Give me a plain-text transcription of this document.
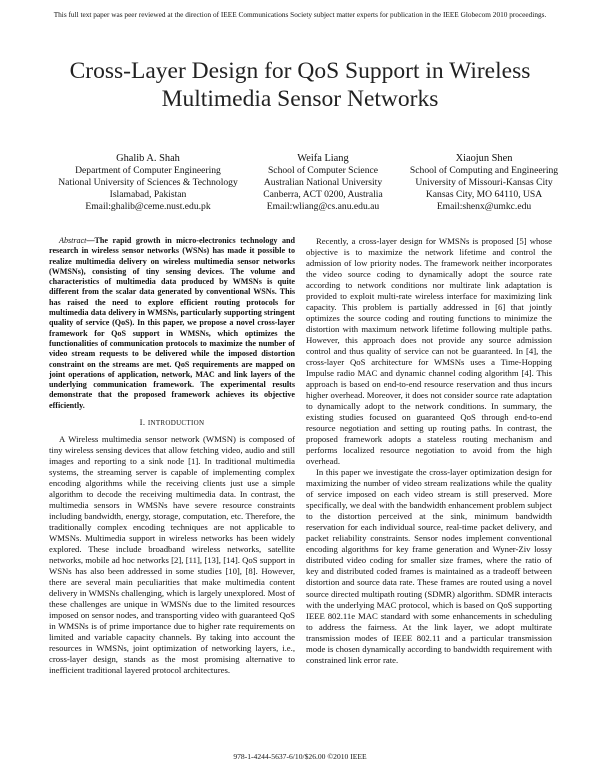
This full text paper was peer reviewed at the direction of IEEE Communications Society subject matter experts for publication in the IEEE Globecom 2010 proceedings.
Cross-Layer Design for QoS Support in Wireless
Multimedia Sensor Networks
Ghalib A. Shah
Department of Computer Engineering
National University of Sciences & Technology
Islamabad, Pakistan
Email:ghalib@ceme.nust.edu.pk
Weifa Liang
School of Computer Science
Australian National University
Canberra, ACT 0200, Australia
Email:wliang@cs.anu.edu.au
Xiaojun Shen
School of Computing and Engineering
University of Missouri-Kansas City
Kansas City, MO 64110, USA
Email:shenx@umkc.edu

Abstract—The rapid growth in micro-electronics technology and research in wireless sensor networks (WSNs) has made it possible to realize multimedia delivery on wireless multimedia sensor networks (WMSNs), consisting of tiny sensing devices. The volume and characteristics of multimedia data produced by WMSNs is quite different from the scalar data generated by conventional WSNs. This has raised the need to explore efficient routing protocols for multimedia data delivery in WMSNs, particularly supporting stringent quality of service (QoS). In this paper, we propose a novel cross-layer framework for QoS support in WMSNs, which optimizes the functionalities of communication protocols to maximize the number of video stream requests to be delivered while the imposed distortion constraint on the streams are met. QoS requirements are mapped on joint operations of application, network, MAC and link layers of the underlying communication framework. The experimental results demonstrate that the proposed framework achieves its objective efficiently.

I. INTRODUCTION

A Wireless multimedia sensor network (WMSN) is composed of tiny wireless sensing devices that allow fetching video, audio and still images and reporting to a sink node [1]. In traditional multimedia systems, the streaming server is capable of implementing complex encoding algorithms while the receiving clients just use a simple algorithm to decode the receiving multimedia data. In contrast, the multimedia sensors in WMSNs have severe resource constraints including bandwidth, energy, storage, computation, etc. Therefore, the traditionally complex encoding techniques are not applicable to WMSNs. Multimedia support in wireless networks has been widely explored. These include broadband wireless networks, satellite networks, mobile ad hoc networks [2], [11], [13], [14]. QoS support in WSNs has also been addressed in some studies [10], [8]. However, there are several main peculiarities that make multimedia content delivery in WMSNs challenging, which is largely unexplored. Most of these challenges are unique in WMSNs due to the limited resources imposed on sensor nodes, and transporting video with guaranteed QoS in WMSNs is of prime importance due to higher rate requirements on limited and variable capacity channels. By taking into account the resources in WMSNs, joint optimization of networking layers, i.e., cross-layer design, stands as the most promising alternative to inefficient traditional layered protocol architectures.

Recently, a cross-layer design for WMSNs is proposed [5] whose objective is to maximize the network lifetime and control the admission of low priority nodes. The framework neither incorporates the video source coding to dynamically adopt the source rate according to network conditions nor multirate link adaptation is provided to exploit multi-rate wireless interface for maximizing link capacity. This problem is partially addressed in [6] that jointly optimizes the source coding and routing functions to minimize the distortion with maximum network lifetime following multiple paths. However, this approach does not provide any source admission control and thus quality of service can not be guaranteed. In [4], the cross-layer QoS architecture for WMSNs uses a Time-Hopping Impulse radio MAC and dynamic channel coding algorithm [4]. This approach is based on end-to-end resource reservation and thus incurs higher overhead. Moreover, it does not consider source rate adaptation to dynamically adopt to the network conditions. In summary, the existing studies focused on guaranteed QoS through end-to-end resource negotiation and setting up routing paths. In contrast, the proposed framework adopts a stateless routing mechanism and performs localized resource negotiation to avoid from the high overhead.

In this paper we investigate the cross-layer optimization design for maximizing the number of video stream realizations while the quality of service imposed on each video stream is still preserved. More specifically, we deal with the bandwidth enhancement problem subject to the distortion perceived at the sink, minimum bandwidth reservation for each individual source, real-time packet delivery, and packet reliability constraints. Sensor nodes implement conventional encoding algorithms for key frame generation and Wyner-Ziv lossy distributed video coding for smaller size frames, where the ratio of key and distributed coded frames is maintained as a tradeoff between distortion and source data rate. These frames are routed using a novel source directed multipath routing (SDMR) algorithm. SDMR interacts with the underlying MAC protocol, which is based on QoS supporting IEEE 802.11e MAC standard with some enhancements in scheduling to address the fairness. At the link layer, we adopt multirate transmission modes of IEEE 802.11 and a particular transmission mode is chosen dynamically according to bandwidth requirement with constrained link error rate.

978-1-4244-5637-6/10/$26.00 ©2010 IEEE
